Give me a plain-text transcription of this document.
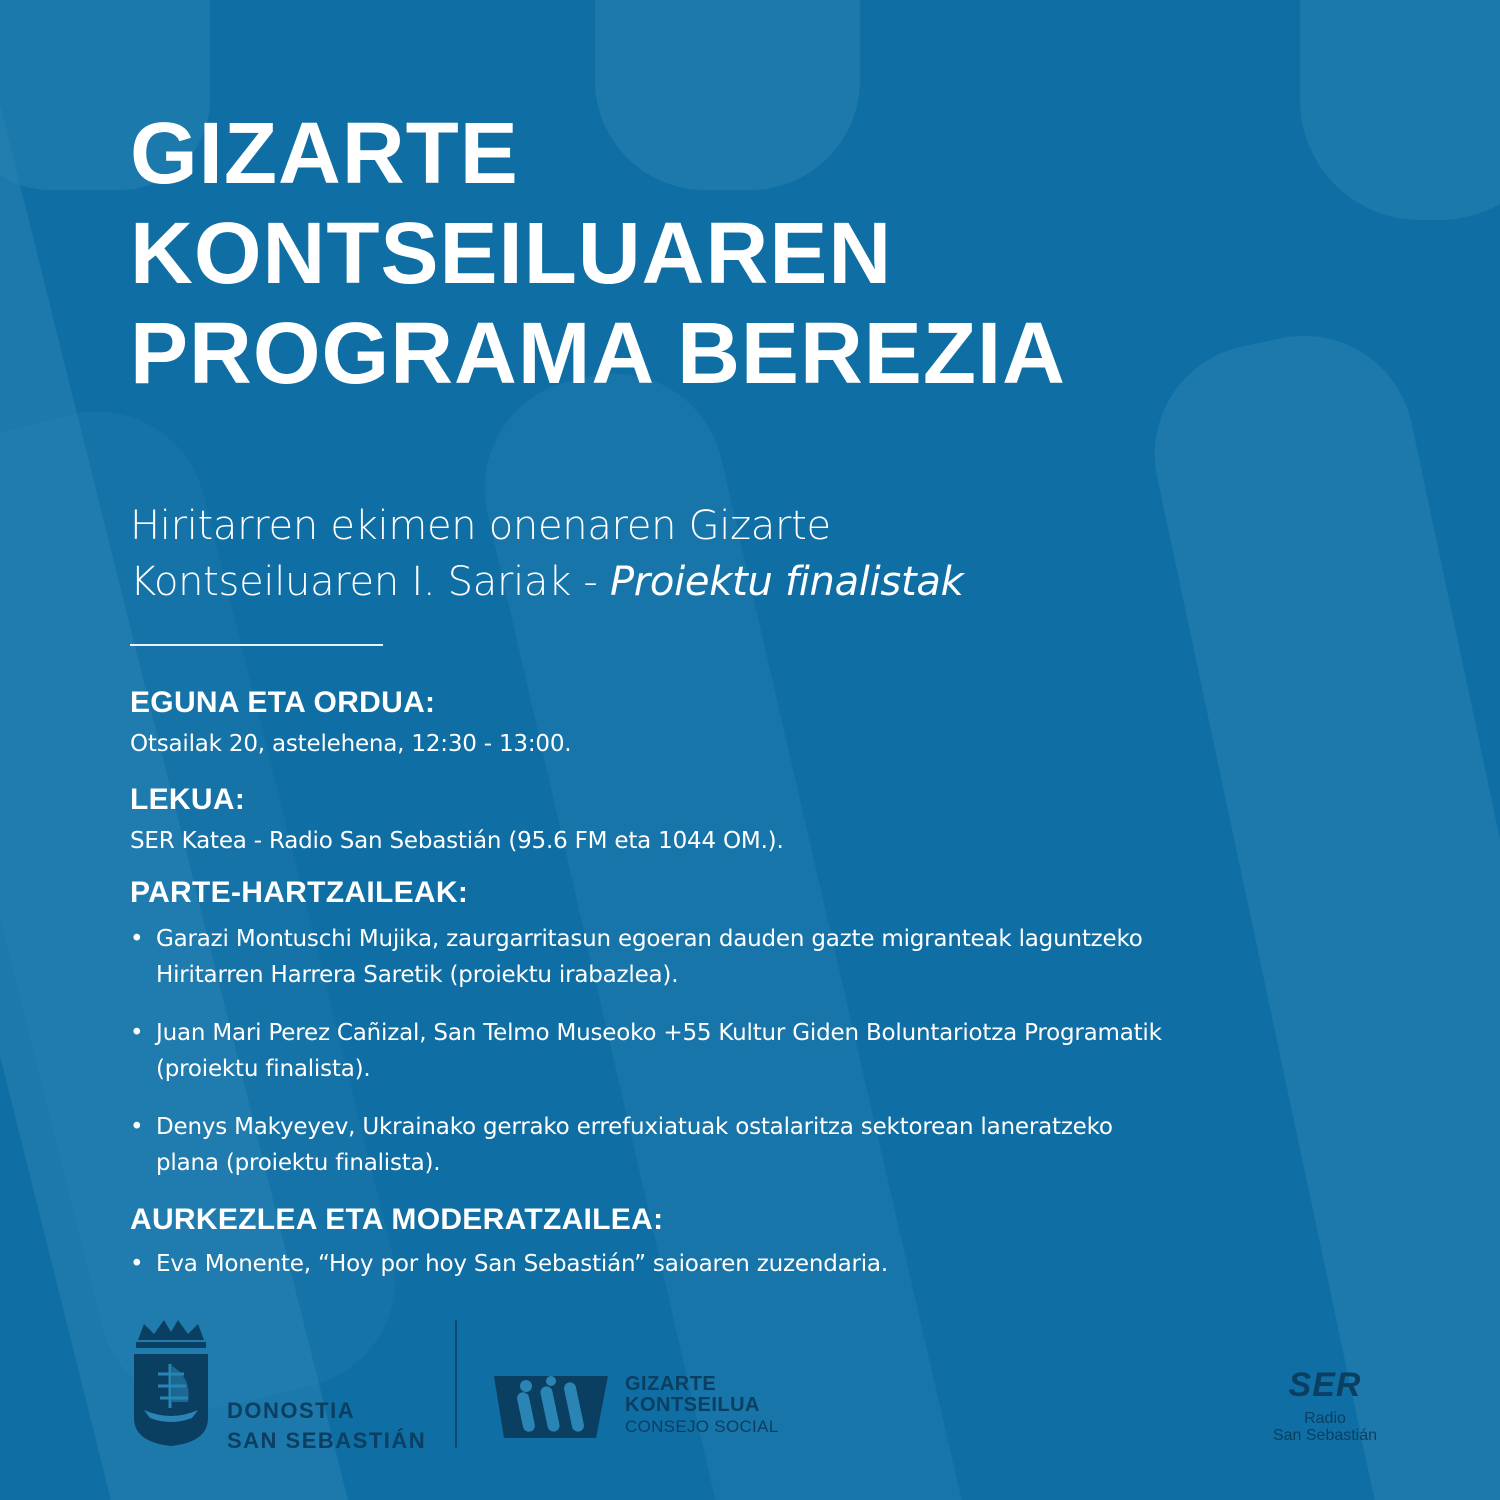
GIZARTE
KONTSEILUAREN
PROGRAMA BEREZIA
Hiritarren ekimen onenaren Gizarte
Kontseiluaren I. Sariak - Proiektu finalistak

EGUNA ETA ORDUA:

Otsailak 20, astelehena, 12:30 - 13:00.

LEKUA:

SER Katea - Radio San Sebastián (95.6 FM eta 1044 OM.).

PARTE-HARTZAILEAK:

• Garazi Montuschi Mujika, zaurgarritasun egoeran dauden gazte migranteak laguntzeko
Hiritarren Harrera Saretik (proiektu irabazlea).
• Juan Mari Perez Cañizal, San Telmo Museoko +55 Kultur Giden Boluntariotza Programatik
(proiektu finalista).
• Denys Makyeyev, Ukrainako gerrako errefuxiatuak ostalaritza sektorean laneratzeko
plana (proiektu finalista).

AURKEZLEA ETA MODERATZAILEA:

• Eva Monente, “Hoy por hoy San Sebastián” saioaren zuzendaria.
DONOSTIA
SAN SEBASTIÁN
GIZARTE
KONTSEILUA
CONSEJO SOCIAL
SER
Radio
San Sebastián
